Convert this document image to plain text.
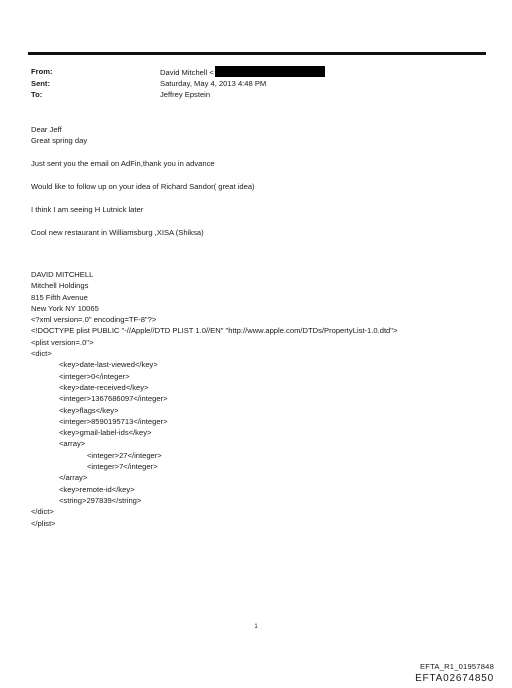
From:	David Mitchell <
Sent:	Saturday, May 4, 2013 4:48 PM
To:	Jeffrey Epstein

Dear Jeff

Great spring day

Just sent you the email on AdFin,thank you in advance

Would like to follow up on your idea of Richard Sandor( great idea)

I think I am seeing H Lutnick later

Cool new restaurant in Williamsburg ,XISA (Shiksa)

DAVID MITCHELL

Mitchell Holdings

815 Fifth Avenue

New York NY 10065

<?xml version=.0" encoding=TF-8"?>

<!DOCTYPE plist PUBLIC "-//Apple//DTD PLIST 1.0//EN" "http://www.apple.com/DTDs/PropertyList-1.0.dtd">

<plist version=.0">

<dict>

<key>date-last-viewed</key>

<integer>0</integer>

<key>date-received</key>

<integer>1367686097</integer>

<key>flags</key>

<integer>8590195713</integer>

<key>gmail-label-ids</key>

<array>

<integer>27</integer>

<integer>7</integer>

</array>

<key>remote-id</key>

<string>297839</string>

</dict>

</plist>

1
EFTA_R1_01957848
EFTA02674850
